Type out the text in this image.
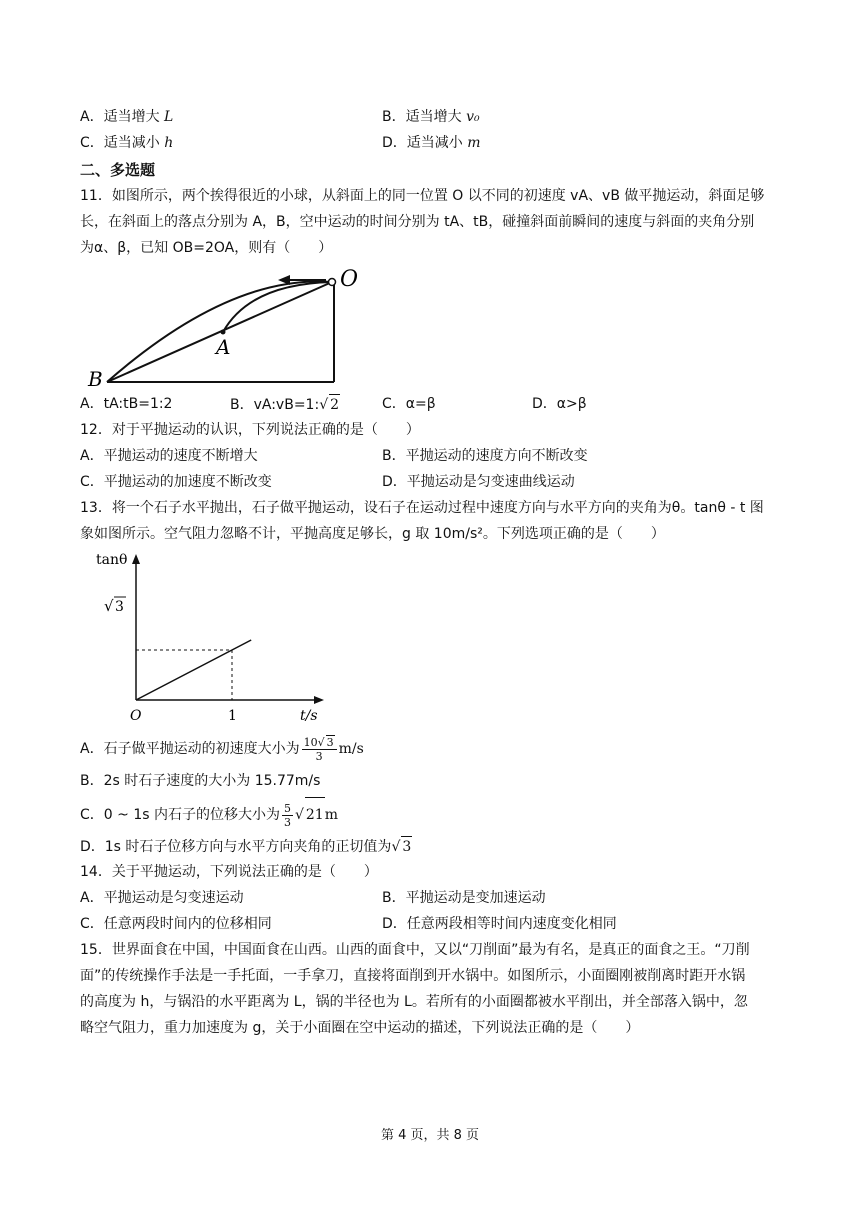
A．适当增大 L	B．适当增大 v₀
C．适当减小 h	D．适当减小 m
二、多选题
11．如图所示，两个挨得很近的小球，从斜面上的同一位置 O 以不同的初速度 vA、vB 做平抛运动，斜面足够
长，在斜面上的落点分别为 A，B，空中运动的时间分别为 tA、tB，碰撞斜面前瞬间的速度与斜面的夹角分别
为α、β，已知 OB=2OA，则有（　　）
O
A
B
A．tA:tB=1:2	B．vA:vB=1:√ 2	C．α=β	D．α>β
12．对于平抛运动的认识，下列说法正确的是（　　）
A．平抛运动的速度不断增大	B．平抛运动的速度方向不断改变
C．平抛运动的加速度不断改变	D．平抛运动是匀变速曲线运动
13．将一个石子水平抛出，石子做平抛运动，设石子在运动过程中速度方向与水平方向的夹角为θ。tanθ - t 图
象如图所示。空气阻力忽略不计，平抛高度足够长，g 取 10m/s²。下列选项正确的是（　　）
tanθ
t/s
O	1
√ 3
A．石子做平抛运动的初速度大小为 $\frac{10√ 3}{3} m/s$
B．2s 时石子速度的大小为 15.77m/s
C．0 ~ 1s 内石子的位移大小为 $\frac{5}{3}$ √ 21m
D．1s 时石子位移方向与水平方向夹角的正切值为√ 3
14．关于平抛运动，下列说法正确的是（　　）
A．平抛运动是匀变速运动	B．平抛运动是变加速运动
C．任意两段时间内的位移相同	D．任意两段相等时间内速度变化相同
15．世界面食在中国，中国面食在山西。山西的面食中，又以“刀削面”最为有名，是真正的面食之王。“刀削
面”的传统操作手法是一手托面，一手拿刀，直接将面削到开水锅中。如图所示，小面圈刚被削离时距开水锅
的高度为 h，与锅沿的水平距离为 L，锅的半径也为 L。若所有的小面圈都被水平削出，并全部落入锅中，忽
略空气阻力，重力加速度为 g，关于小面圈在空中运动的描述，下列说法正确的是（　　）
第 4 页，共 8 页
